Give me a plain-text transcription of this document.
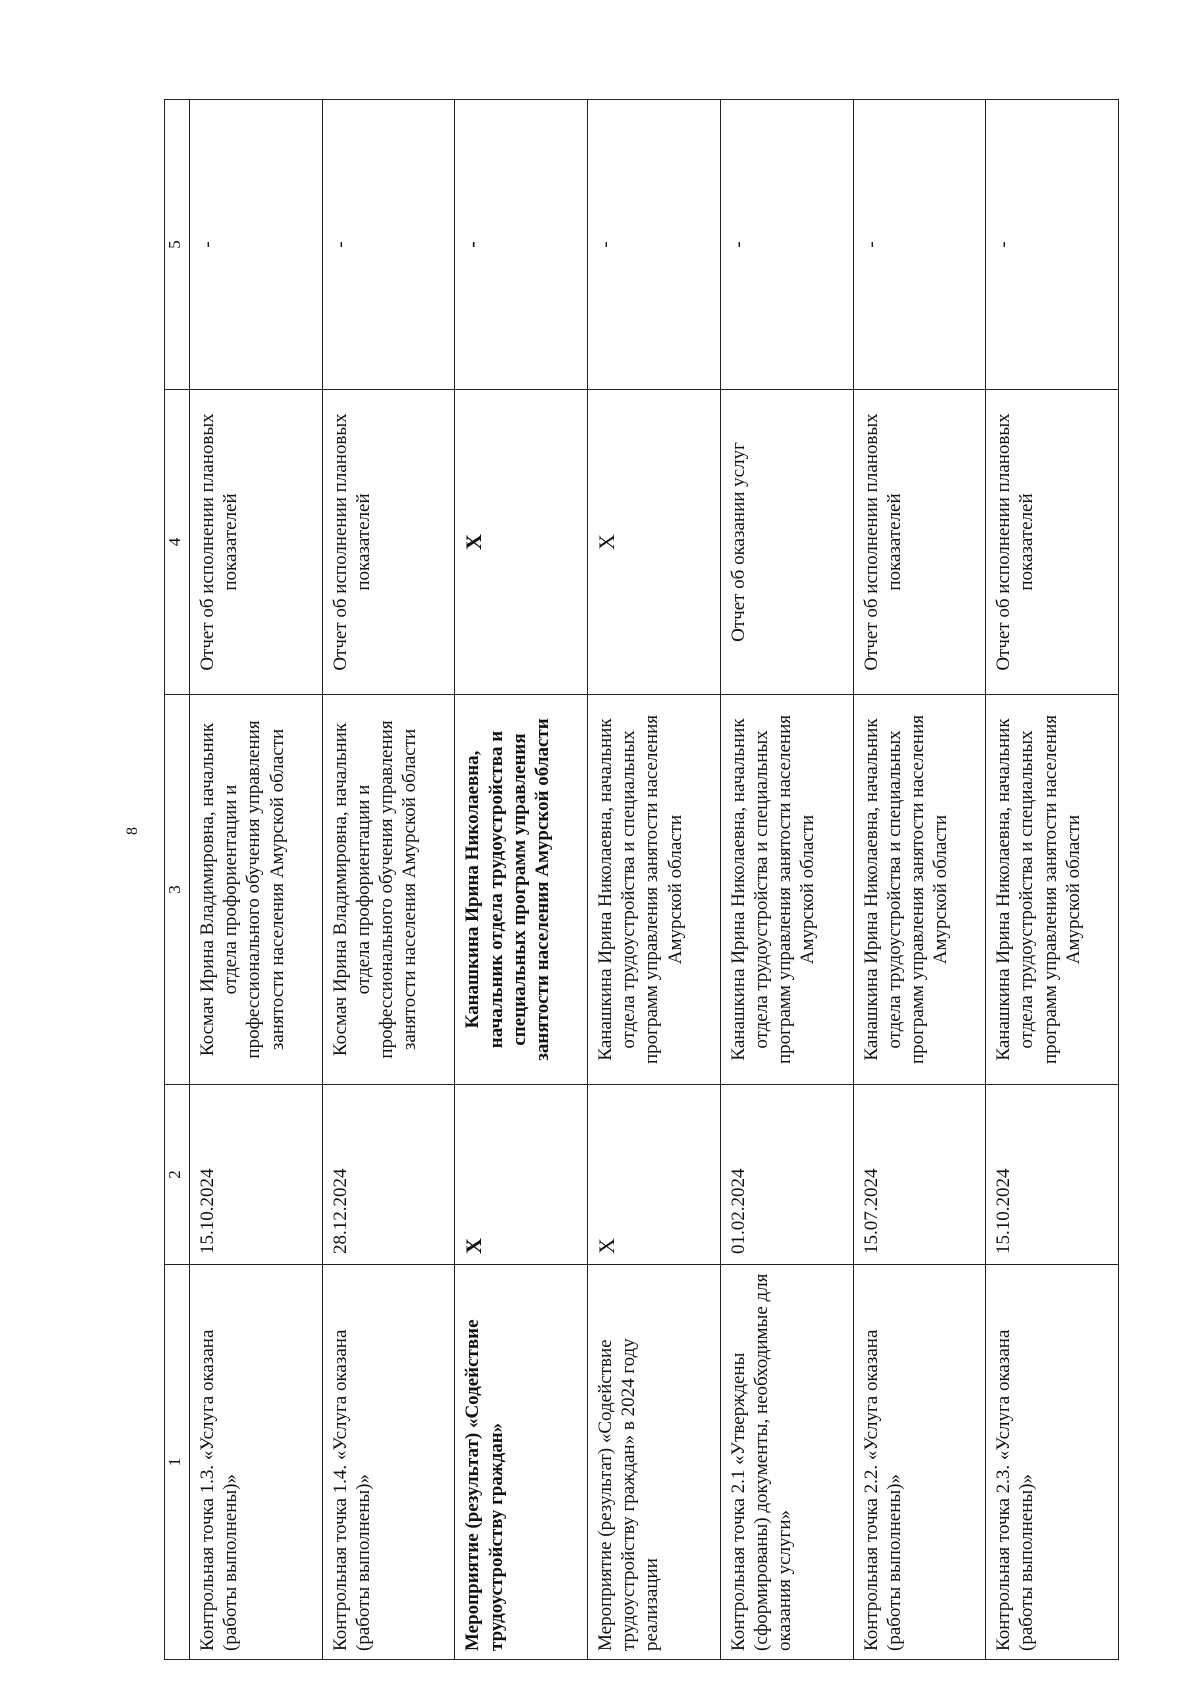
8
1	2	3	4	5
Контрольная точка 1.3. «Услуга оказана (работы выполнены)»	15.10.2024	Космач Ирина Владимировна, начальник отдела профориентации и профессионального обучения управления занятости населения Амурской области	Отчет об исполнении плановых показателей	-
Контрольная точка 1.4. «Услуга оказана (работы выполнены)»	28.12.2024	Космач Ирина Владимировна, начальник отдела профориентации и профессионального обучения управления занятости населения Амурской области	Отчет об исполнении плановых показателей	-
Мероприятие (результат) «Содействие трудоустройству граждан»	X	Канашкина Ирина Николаевна, начальник отдела трудоустройства и специальных программ управления занятости населения Амурской области	X	-
Мероприятие (результат) «Содействие трудоустройству граждан» в 2024 году реализации	X	Канашкина Ирина Николаевна, начальник отдела трудоустройства и специальных программ управления занятости населения Амурской области	X	-
Контрольная точка 2.1 «Утверждены (сформированы) документы, необходимые для оказания услуги»	01.02.2024	Канашкина Ирина Николаевна, начальник отдела трудоустройства и специальных программ управления занятости населения Амурской области	Отчет об оказании услуг	-
Контрольная точка 2.2. «Услуга оказана (работы выполнены)»	15.07.2024	Канашкина Ирина Николаевна, начальник отдела трудоустройства и специальных программ управления занятости населения Амурской области	Отчет об исполнении плановых показателей	-
Контрольная точка 2.3. «Услуга оказана (работы выполнены)»	15.10.2024	Канашкина Ирина Николаевна, начальник отдела трудоустройства и специальных программ управления занятости населения Амурской области	Отчет об исполнении плановых показателей	-
